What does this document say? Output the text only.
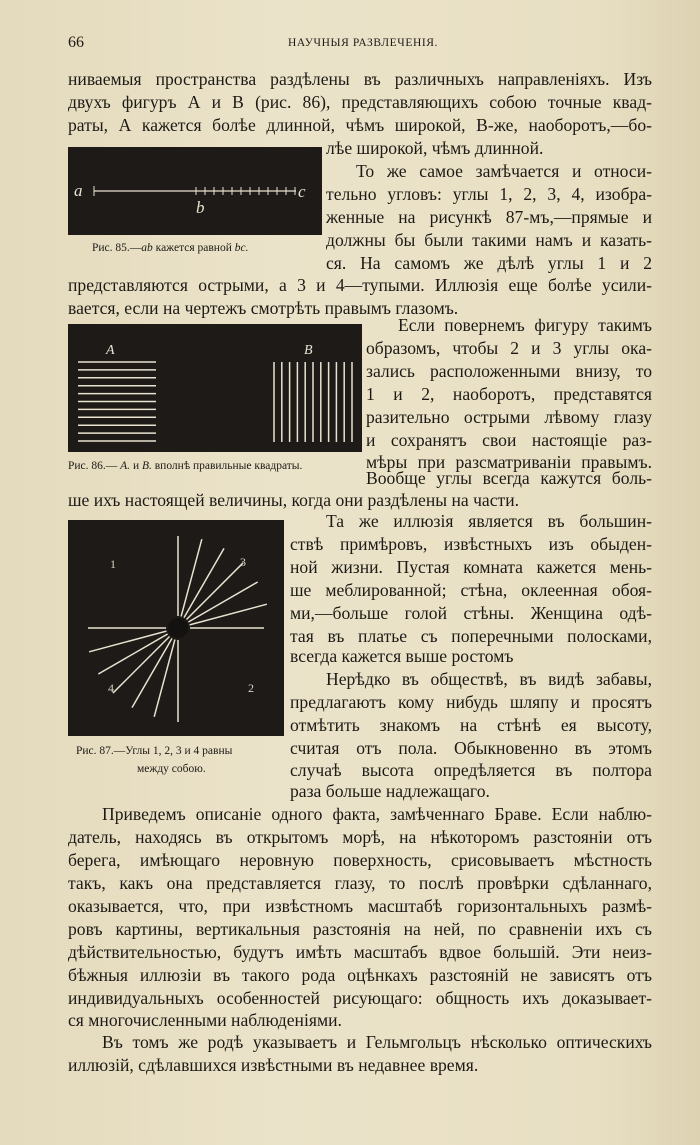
66	НАУЧНЫЯ РАЗВЛЕЧЕНІЯ.
ниваемыя пространства раздѣлены въ различныхъ направленіяхъ. Изъ
двухъ фигуръ А и В (рис. 86), представляющихъ собою точные квад-
раты, А кажется болѣе длинной, чѣмъ широкой, В-же, наоборотъ,—бо-
a
b
c
Рис. 85.—ab кажется равной bc.
лѣе широкой, чѣмъ длинной.
То же самое замѣчается и относи-
тельно угловъ: углы 1, 2, 3, 4, изобра-
женные на рисункѣ 87-мъ,—прямые и
должны бы были такими намъ и казать-
ся. На самомъ же дѣлѣ углы 1 и 2
представляются острыми, а 3 и 4—тупыми. Иллюзія еще болѣе усили-
вается, если на чертежъ смотрѣть правымъ глазомъ.
A	B
Рис. 86.— A. и B. вполнѣ правильные квадраты.
Если повернемъ фигуру такимъ
образомъ, чтобы 2 и 3 углы ока-
зались расположенными внизу, то
1 и 2, наоборотъ, представятся
разительно острыми лѣвому глазу
и сохранятъ свои настоящіе раз-
мѣры при разсматриваніи правымъ.
Вообще углы всегда кажутся боль-
ше ихъ настоящей величины, когда они раздѣлены на части.
1
2
3
4
Рис. 87.—Углы 1, 2, 3 и 4 равны
между собою.
Та же иллюзія является въ большин-
ствѣ примѣровъ, извѣстныхъ изъ обыден-
ной жизни. Пустая комната кажется мень-
ше меблированной; стѣна, оклеенная обоя-
ми,—больше голой стѣны. Женщина одѣ-
тая въ платье съ поперечными полосками,
всегда кажется выше ростомъ
Нерѣдко въ обществѣ, въ видѣ забавы,
предлагаютъ кому нибудь шляпу и просятъ
отмѣтить знакомъ на стѣнѣ ея высоту,
считая отъ пола. Обыкновенно въ этомъ
случаѣ высота опредѣляется въ полтора
раза больше надлежащаго.
Приведемъ описаніе одного факта, замѣченнаго Браве. Если наблю-
датель, находясь въ открытомъ морѣ, на нѣкоторомъ разстояніи отъ
берега, имѣющаго неровную поверхность, срисовываетъ мѣстность
такъ, какъ она представляется глазу, то послѣ провѣрки сдѣланнаго,
оказывается, что, при извѣстномъ масштабѣ горизонтальныхъ размѣ-
ровъ картины, вертикальныя разстоянія на ней, по сравненіи ихъ съ
дѣйствительностью, будутъ имѣть масштабъ вдвое большій. Эти неиз-
бѣжныя иллюзіи въ такого рода оцѣнкахъ разстояній не зависятъ отъ
индивидуальныхъ особенностей рисующаго: общность ихъ доказывает-
ся многочисленными наблюденіями.
Въ томъ же родѣ указываетъ и Гельмгольцъ нѣсколько оптическихъ
иллюзій, сдѣлавшихся извѣстными въ недавнее время.
